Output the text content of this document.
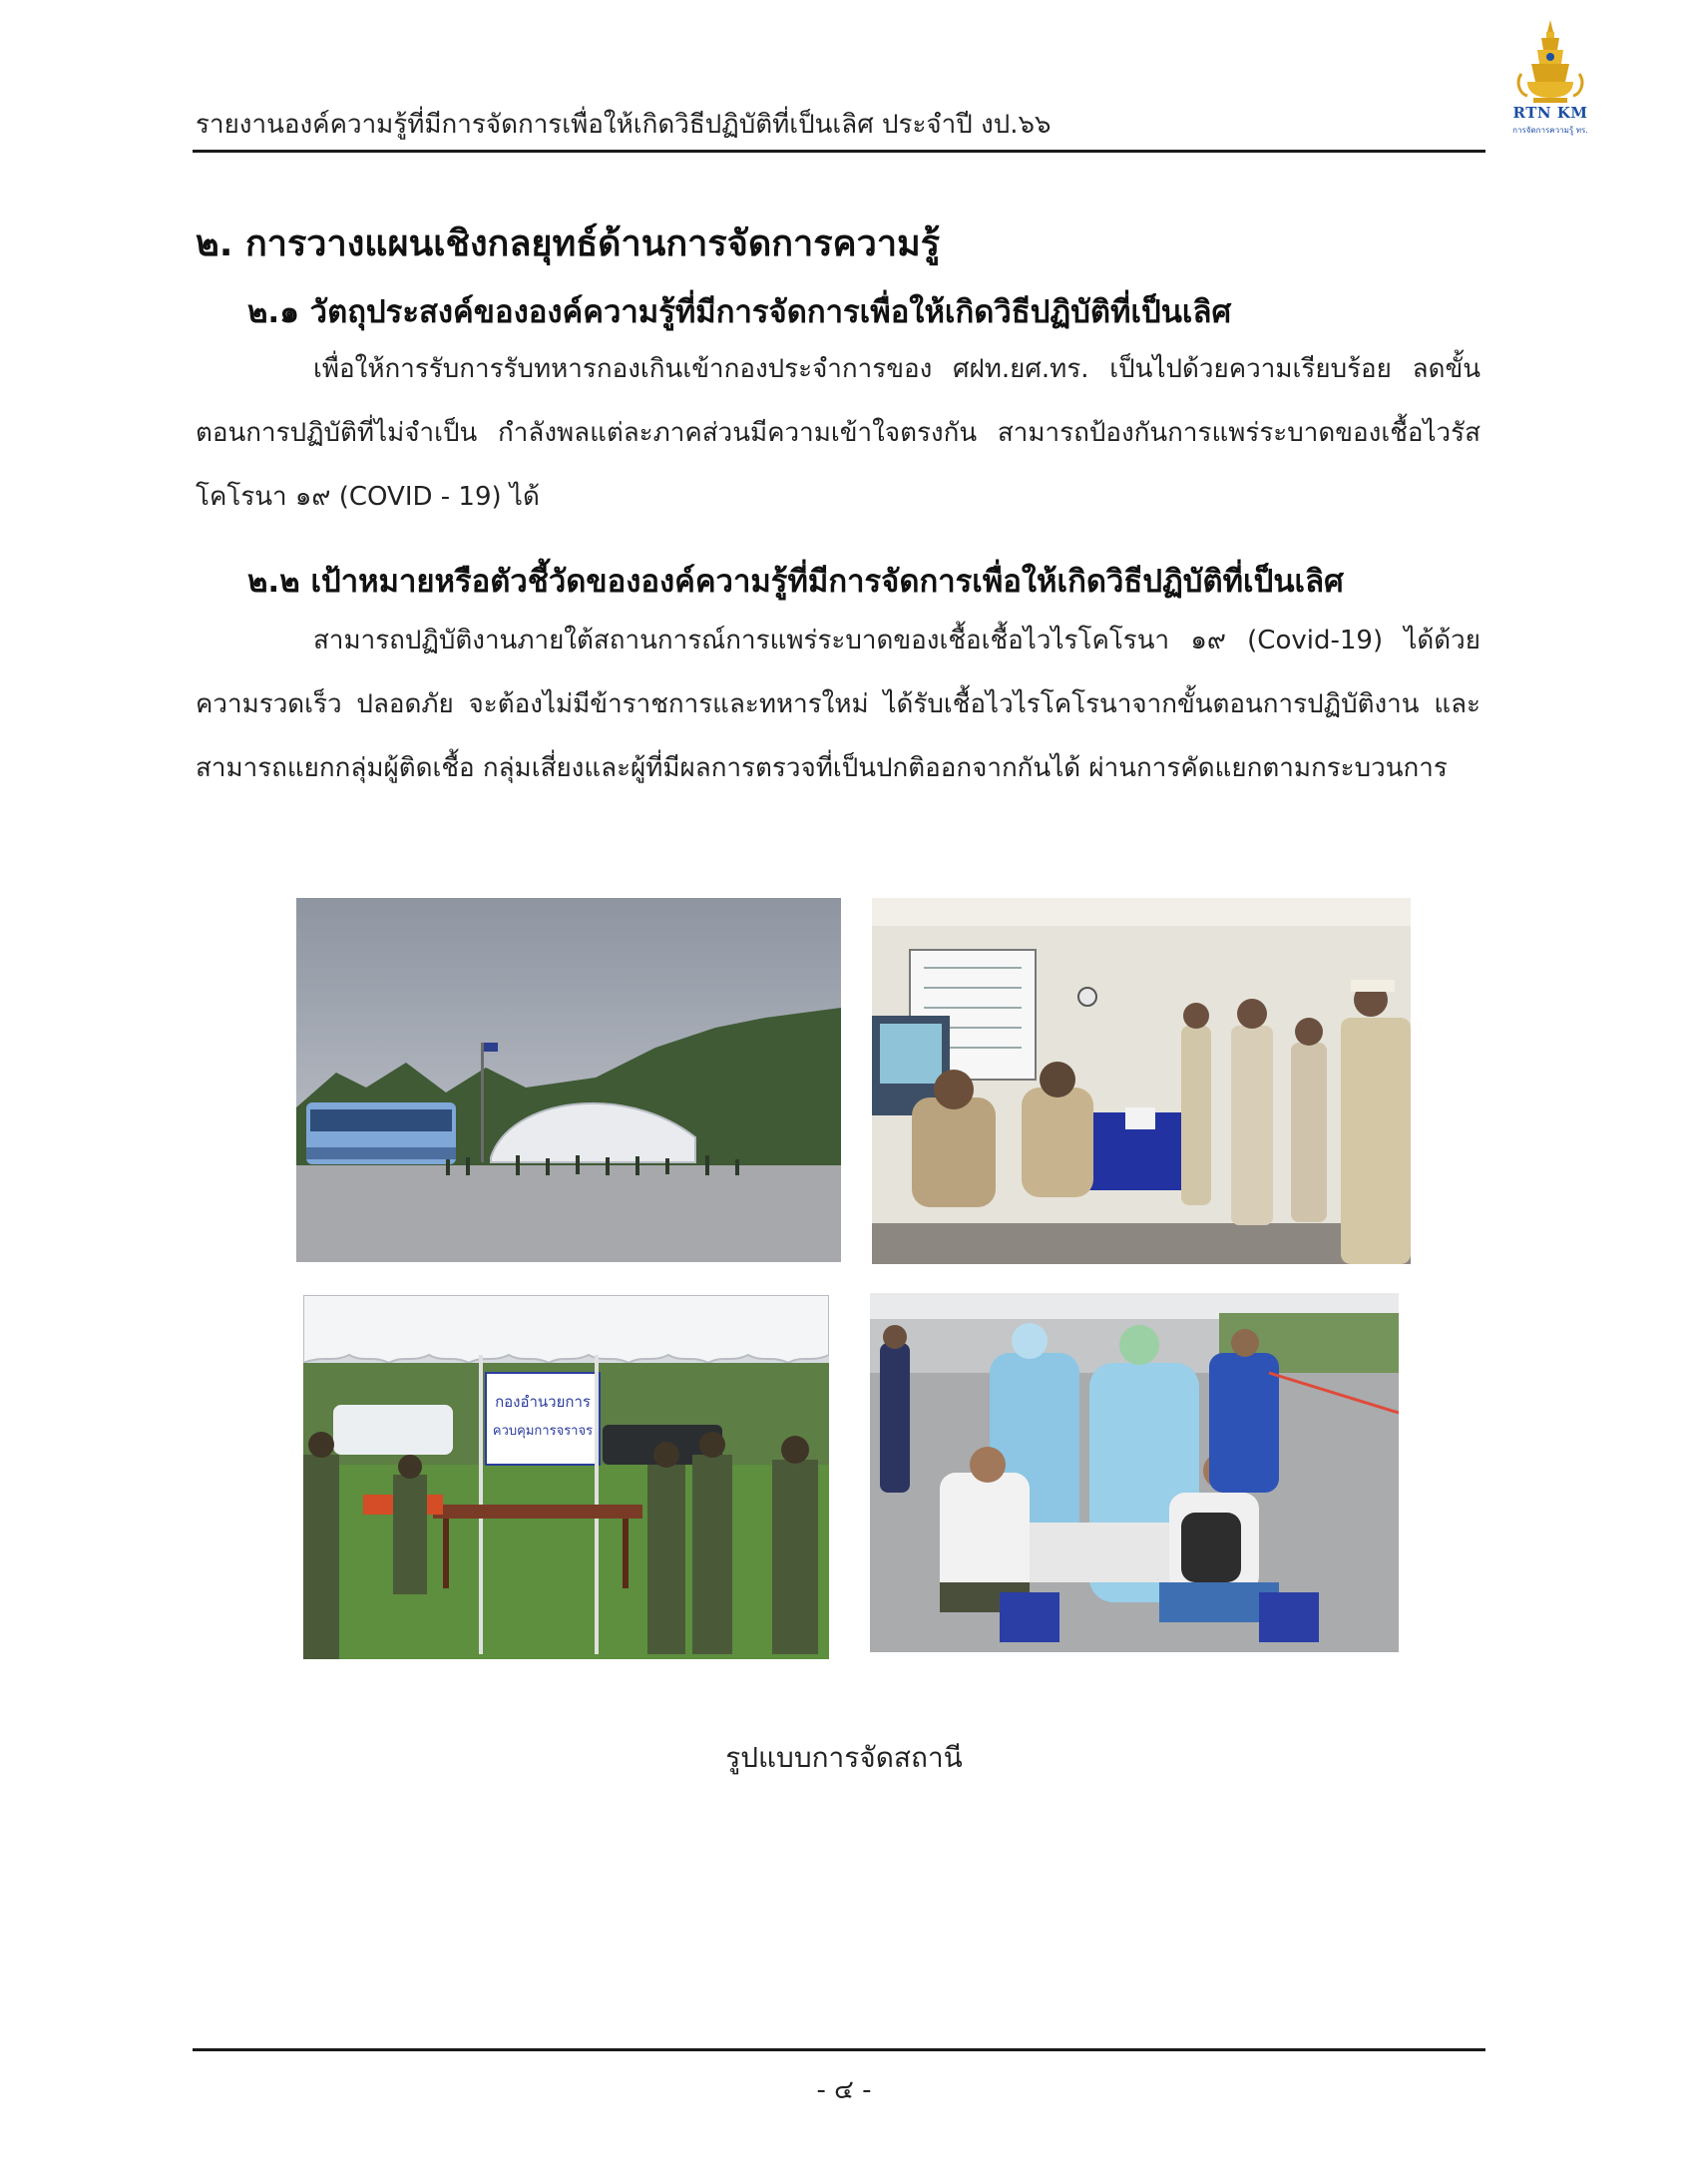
รายงานองค์ความรู้ที่มีการจัดการเพื่อให้เกิดวิธีปฏิบัติที่เป็นเลิศ ประจำปี งป.๖๖	RTN KM
การจัดการความรู้ ทร.
๒. การวางแผนเชิงกลยุทธ์ด้านการจัดการความรู้
๒.๑ วัตถุประสงค์ขององค์ความรู้ที่มีการจัดการเพื่อให้เกิดวิธีปฏิบัติที่เป็นเลิศ
เพื่อให้การรับการรับทหารกองเกินเข้ากองประจำการของ ศฝท.ยศ.ทร. เป็นไปด้วยความเรียบร้อย ลดขั้นตอนการปฏิบัติที่ไม่จำเป็น กำลังพลแต่ละภาคส่วนมีความเข้าใจตรงกัน สามารถป้องกันการแพร่ระบาดของเชื้อไวรัสโคโรนา ๑๙ (COVID - 19) ได้
๒.๒ เป้าหมายหรือตัวชี้วัดขององค์ความรู้ที่มีการจัดการเพื่อให้เกิดวิธีปฏิบัติที่เป็นเลิศ
สามารถปฏิบัติงานภายใต้สถานการณ์การแพร่ระบาดของเชื้อเชื้อไวไรโคโรนา ๑๙ (Covid-19) ได้ด้วยความรวดเร็ว ปลอดภัย จะต้องไม่มีข้าราชการและทหารใหม่ ได้รับเชื้อไวไรโคโรนาจากขั้นตอนการปฏิบัติงาน และสามารถแยกกลุ่มผู้ติดเชื้อ กลุ่มเสี่ยงและผู้ที่มีผลการตรวจที่เป็นปกติออกจากกันได้ ผ่านการคัดแยกตามกระบวนการ
กองอำนวยการ
ควบคุมการจราจร
รูปแบบการจัดสถานี
- ๔ -
